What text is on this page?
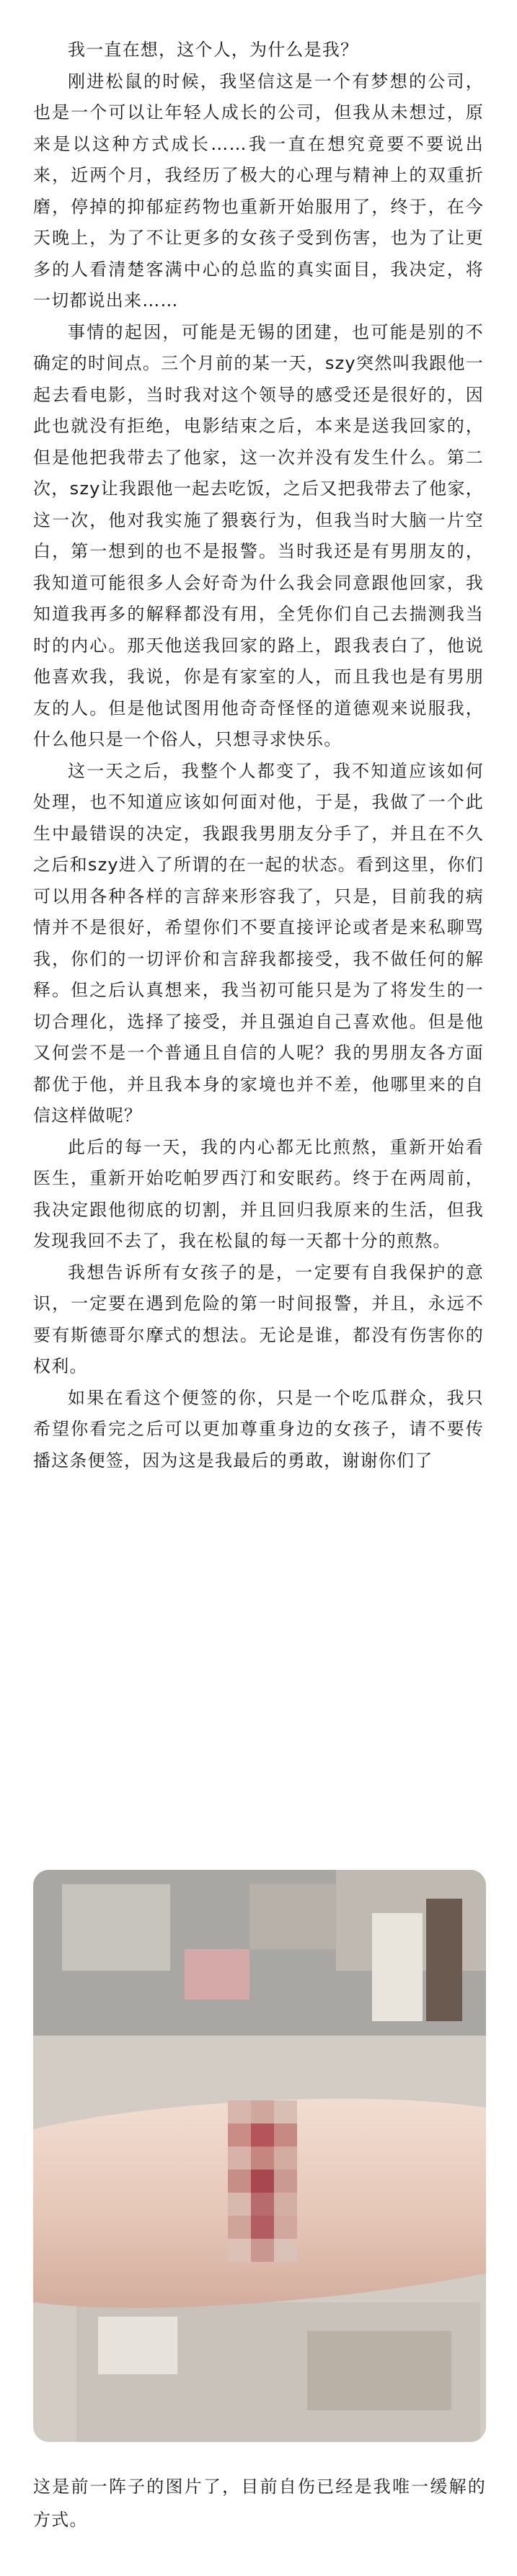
我一直在想，这个人，为什么是我？

刚进松鼠的时候，我坚信这是一个有梦想的公司，也是一个可以让年轻人成长的公司，但我从未想过，原来是以这种方式成长……我一直在想究竟要不要说出来，近两个月，我经历了极大的心理与精神上的双重折磨，停掉的抑郁症药物也重新开始服用了，终于，在今天晚上，为了不让更多的女孩子受到伤害，也为了让更多的人看清楚客满中心的总监的真实面目，我决定，将一切都说出来……

事情的起因，可能是无锡的团建，也可能是别的不确定的时间点。三个月前的某一天，szy突然叫我跟他一起去看电影，当时我对这个领导的感受还是很好的，因此也就没有拒绝，电影结束之后，本来是送我回家的，但是他把我带去了他家，这一次并没有发生什么。第二次，szy让我跟他一起去吃饭，之后又把我带去了他家，这一次，他对我实施了猥亵行为，但我当时大脑一片空白，第一想到的也不是报警。当时我还是有男朋友的，我知道可能很多人会好奇为什么我会同意跟他回家，我知道我再多的解释都没有用，全凭你们自己去揣测我当时的内心。那天他送我回家的路上，跟我表白了，他说他喜欢我，我说，你是有家室的人，而且我也是有男朋友的人。但是他试图用他奇奇怪怪的道德观来说服我，什么他只是一个俗人，只想寻求快乐。

这一天之后，我整个人都变了，我不知道应该如何处理，也不知道应该如何面对他，于是，我做了一个此生中最错误的决定，我跟我男朋友分手了，并且在不久之后和szy进入了所谓的在一起的状态。看到这里，你们可以用各种各样的言辞来形容我了，只是，目前我的病情并不是很好，希望你们不要直接评论或者是来私聊骂我，你们的一切评价和言辞我都接受，我不做任何的解释。但之后认真想来，我当初可能只是为了将发生的一切合理化，选择了接受，并且强迫自己喜欢他。但是他又何尝不是一个普通且自信的人呢？我的男朋友各方面都优于他，并且我本身的家境也并不差，他哪里来的自信这样做呢？

此后的每一天，我的内心都无比煎熬，重新开始看医生，重新开始吃帕罗西汀和安眠药。终于在两周前，我决定跟他彻底的切割，并且回归我原来的生活，但我发现我回不去了，我在松鼠的每一天都十分的煎熬。

我想告诉所有女孩子的是，一定要有自我保护的意识，一定要在遇到危险的第一时间报警，并且，永远不要有斯德哥尔摩式的想法。无论是谁，都没有伤害你的权利。

如果在看这个便签的你，只是一个吃瓜群众，我只希望你看完之后可以更加尊重身边的女孩子，请不要传播这条便签，因为这是我最后的勇敢，谢谢你们了

这是前一阵子的图片了，目前自伤已经是我唯一缓解的方式。
